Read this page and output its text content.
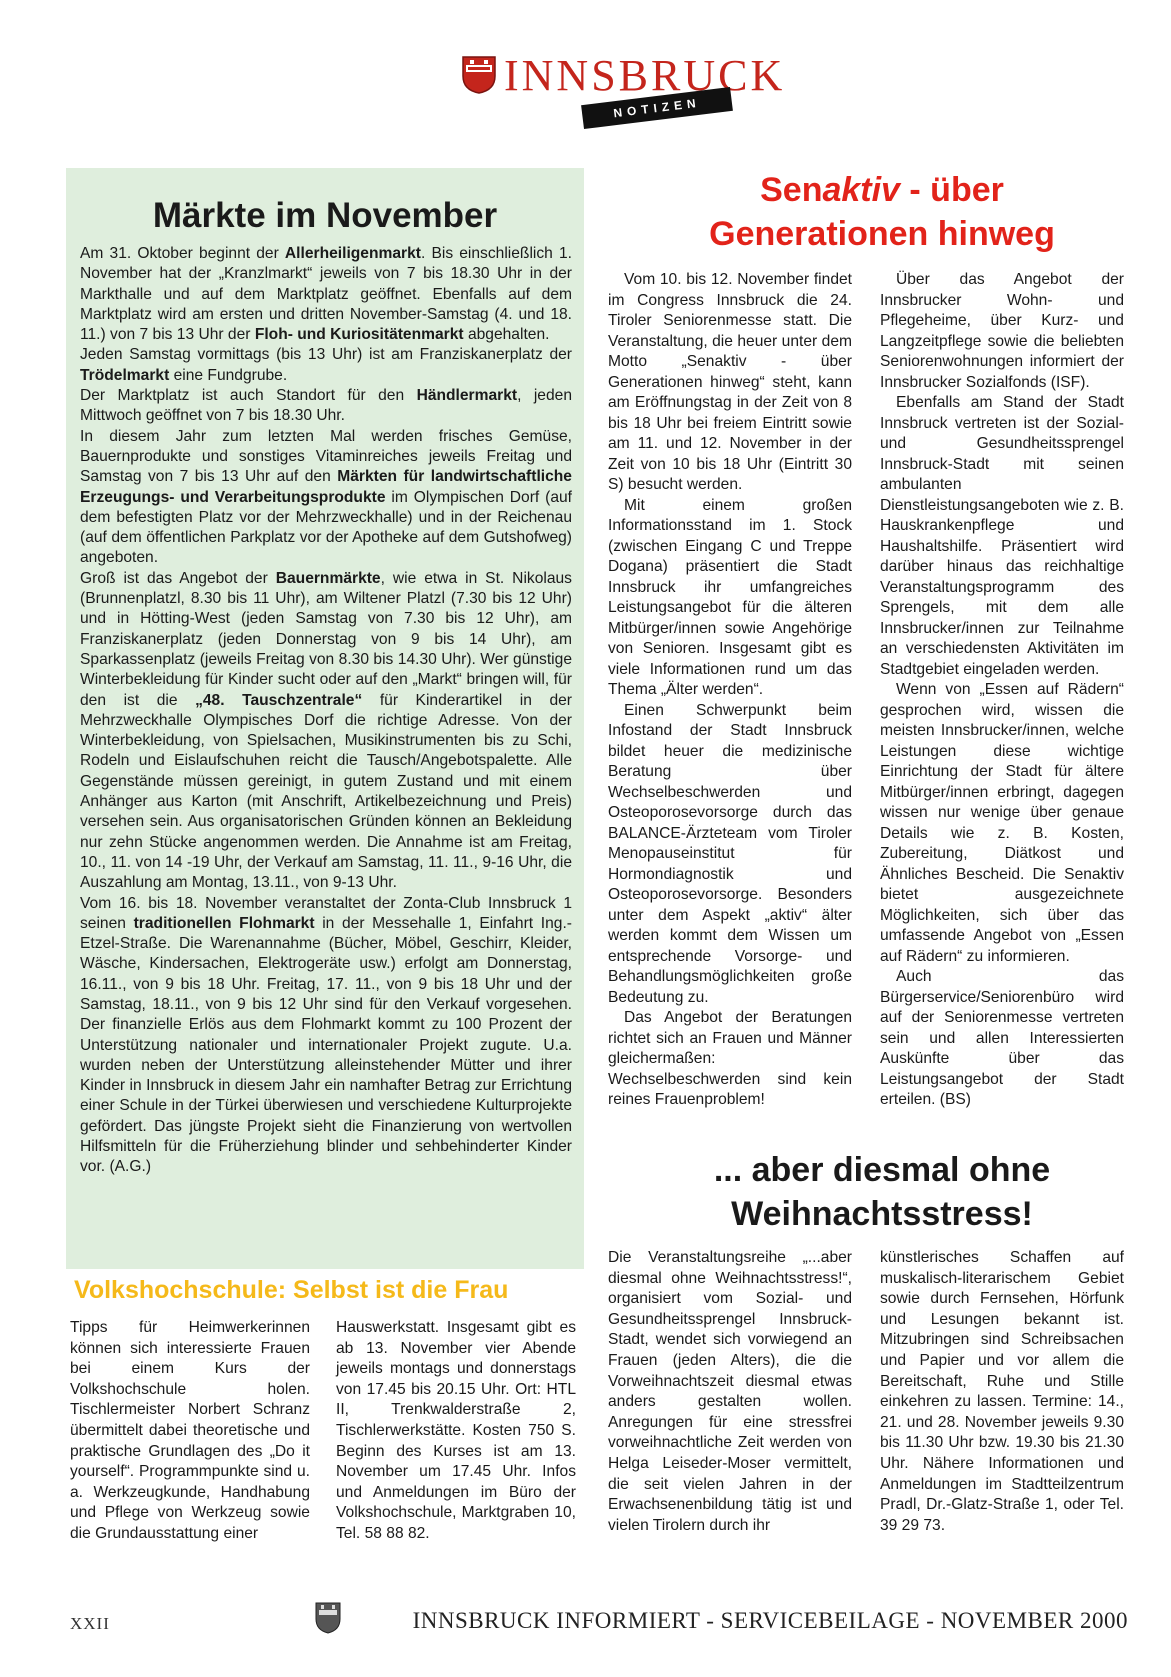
INNSBRUCK
NOTIZEN
Märkte im November

Am 31. Oktober beginnt der Allerheiligenmarkt. Bis einschließlich 1. November hat der „Kranzlmarkt“ jeweils von 7 bis 18.30 Uhr in der Markthalle und auf dem Marktplatz geöffnet. Ebenfalls auf dem Marktplatz wird am ersten und dritten November-Samstag (4. und 18. 11.) von 7 bis 13 Uhr der Floh- und Kuriositätenmarkt abgehalten.
Jeden Samstag vormittags (bis 13 Uhr) ist am Franziskanerplatz der Trödelmarkt eine Fundgrube.
Der Marktplatz ist auch Standort für den Händlermarkt, jeden Mittwoch geöffnet von 7 bis 18.30 Uhr.
In diesem Jahr zum letzten Mal werden frisches Gemüse, Bauernprodukte und sonstiges Vitaminreiches jeweils Freitag und Samstag von 7 bis 13 Uhr auf den Märkten für landwirtschaftliche Erzeugungs- und Verarbeitungsprodukte im Olympischen Dorf (auf dem befestigten Platz vor der Mehrzweckhalle) und in der Reichenau (auf dem öffentlichen Parkplatz vor der Apotheke auf dem Gutshofweg) angeboten.
Groß ist das Angebot der Bauernmärkte, wie etwa in St. Nikolaus (Brunnenplatzl, 8.30 bis 11 Uhr), am Wiltener Platzl (7.30 bis 12 Uhr) und in Hötting-West (jeden Samstag von 7.30 bis 12 Uhr), am Franziskanerplatz (jeden Donnerstag von 9 bis 14 Uhr), am Sparkassenplatz (jeweils Freitag von 8.30 bis 14.30 Uhr). Wer günstige Winterbekleidung für Kinder sucht oder auf den „Markt“ bringen will, für den ist die „48. Tauschzentrale“ für Kinderartikel in der Mehrzweckhalle Olympisches Dorf die richtige Adresse. Von der Winterbekleidung, von Spielsachen, Musikinstrumenten bis zu Schi, Rodeln und Eislaufschuhen reicht die Tausch/Angebotspalette. Alle Gegenstände müssen gereinigt, in gutem Zustand und mit einem Anhänger aus Karton (mit Anschrift, Artikelbezeichnung und Preis) versehen sein. Aus organisatorischen Gründen können an Bekleidung nur zehn Stücke angenommen werden. Die Annahme ist am Freitag, 10., 11. von 14 -19 Uhr, der Verkauf am Samstag, 11. 11., 9-16 Uhr, die Auszahlung am Montag, 13.11., von 9-13 Uhr.
Vom 16. bis 18. November veranstaltet der Zonta-Club Innsbruck 1 seinen traditionellen Flohmarkt in der Messehalle 1, Einfahrt Ing.-Etzel-Straße. Die Warenannahme (Bücher, Möbel, Geschirr, Kleider, Wäsche, Kindersachen, Elektrogeräte usw.) erfolgt am Donnerstag, 16.11., von 9 bis 18 Uhr. Freitag, 17. 11., von 9 bis 18 Uhr und der Samstag, 18.11., von 9 bis 12 Uhr sind für den Verkauf vorgesehen. Der finanzielle Erlös aus dem Flohmarkt kommt zu 100 Prozent der Unterstützung nationaler und internationaler Projekt zugute. U.a. wurden neben der Unterstützung alleinstehender Mütter und ihrer Kinder in Innsbruck in diesem Jahr ein namhafter Betrag zur Errichtung einer Schule in der Türkei überwiesen und verschiedene Kulturprojekte gefördert. Das jüngste Projekt sieht die Finanzierung von wertvollen Hilfsmitteln für die Früherziehung blinder und sehbehinderter Kinder vor. (A.G.)

Volkshochschule: Selbst ist die Frau

Tipps für Heimwerkerinnen können sich interessierte Frauen bei einem Kurs der Volkshochschule holen. Tischlermeister Norbert Schranz übermittelt dabei theoretische und praktische Grundlagen des „Do it yourself“. Programmpunkte sind u. a. Werkzeugkunde, Handhabung und Pflege von Werkzeug sowie die Grundausstattung einer

Hauswerkstatt. Insgesamt gibt es ab 13. November vier Abende jeweils montags und donnerstags von 17.45 bis 20.15 Uhr. Ort: HTL II, Trenkwalderstraße 2, Tischlerwerkstätte. Kosten 750 S. Beginn des Kurses ist am 13. November um 17.45 Uhr. Infos und Anmeldungen im Büro der Volkshochschule, Marktgraben 10, Tel. 58 88 82.

Senaktiv - über
Generationen hinweg

Vom 10. bis 12. November findet im Congress Innsbruck die 24. Tiroler Seniorenmesse statt. Die Veranstaltung, die heuer unter dem Motto „Senaktiv - über Generationen hinweg“ steht, kann am Eröffnungstag in der Zeit von 8 bis 18 Uhr bei freiem Eintritt sowie am 11. und 12. November in der Zeit von 10 bis 18 Uhr (Eintritt 30 S) besucht werden.

Mit einem großen Informationsstand im 1. Stock (zwischen Eingang C und Treppe Dogana) präsentiert die Stadt Innsbruck ihr umfangreiches Leistungsangebot für die älteren Mitbürger/innen sowie Angehörige von Senioren. Insgesamt gibt es viele Informationen rund um das Thema „Älter werden“.

Einen Schwerpunkt beim Infostand der Stadt Innsbruck bildet heuer die medizinische Beratung über Wechselbeschwerden und Osteoporosevorsorge durch das BALANCE-Ärzteteam vom Tiroler Menopauseinstitut für Hormondiagnostik und Osteoporosevorsorge. Besonders unter dem Aspekt „aktiv“ älter werden kommt dem Wissen um entsprechende Vorsorge- und Behandlungsmöglichkeiten große Bedeutung zu.

Das Angebot der Beratungen richtet sich an Frauen und Männer gleichermaßen: Wechselbeschwerden sind kein reines Frauenproblem!

Über das Angebot der Innsbrucker Wohn- und Pflegeheime, über Kurz- und Langzeitpflege sowie die beliebten Seniorenwohnungen informiert der Innsbrucker Sozialfonds (ISF).

Ebenfalls am Stand der Stadt Innsbruck vertreten ist der Sozial- und Gesundheitssprengel Innsbruck-Stadt mit seinen ambulanten Dienstleistungsangeboten wie z. B. Hauskrankenpflege und Haushaltshilfe. Präsentiert wird darüber hinaus das reichhaltige Veranstaltungsprogramm des Sprengels, mit dem alle Innsbrucker/innen zur Teilnahme an verschiedensten Aktivitäten im Stadtgebiet eingeladen werden.

Wenn von „Essen auf Rädern“ gesprochen wird, wissen die meisten Innsbrucker/innen, welche Leistungen diese wichtige Einrichtung der Stadt für ältere Mitbürger/innen erbringt, dagegen wissen nur wenige über genaue Details wie z. B. Kosten, Zubereitung, Diätkost und Ähnliches Bescheid. Die Senaktiv bietet ausgezeichnete Möglichkeiten, sich über das umfassende Angebot von „Essen auf Rädern“ zu informieren.

Auch das Bürgerservice/Seniorenbüro wird auf der Seniorenmesse vertreten sein und allen Interessierten Auskünfte über das Leistungsangebot der Stadt erteilen. (BS)

... aber diesmal ohne
Weihnachtsstress!

Die Veranstaltungsreihe „...aber diesmal ohne Weihnachtsstress!“, organisiert vom Sozial- und Gesundheitssprengel Innsbruck-Stadt, wendet sich vorwiegend an Frauen (jeden Alters), die die Vorweihnachtszeit diesmal etwas anders gestalten wollen. Anregungen für eine stressfrei vorweihnachtliche Zeit werden von Helga Leiseder-Moser vermittelt, die seit vielen Jahren in der Erwachsenenbildung tätig ist und vielen Tirolern durch ihr

künstlerisches Schaffen auf muskalisch-literarischem Gebiet sowie durch Fernsehen, Hörfunk und Lesungen bekannt ist. Mitzubringen sind Schreibsachen und Papier und vor allem die Bereitschaft, Ruhe und Stille einkehren zu lassen. Termine: 14., 21. und 28. November jeweils 9.30 bis 11.30 Uhr bzw. 19.30 bis 21.30 Uhr. Nähere Informationen und Anmeldungen im Stadtteilzentrum Pradl, Dr.-Glatz-Straße 1, oder Tel. 39 29 73.

XXII	INNSBRUCK INFORMIERT - SERVICEBEILAGE - NOVEMBER 2000
